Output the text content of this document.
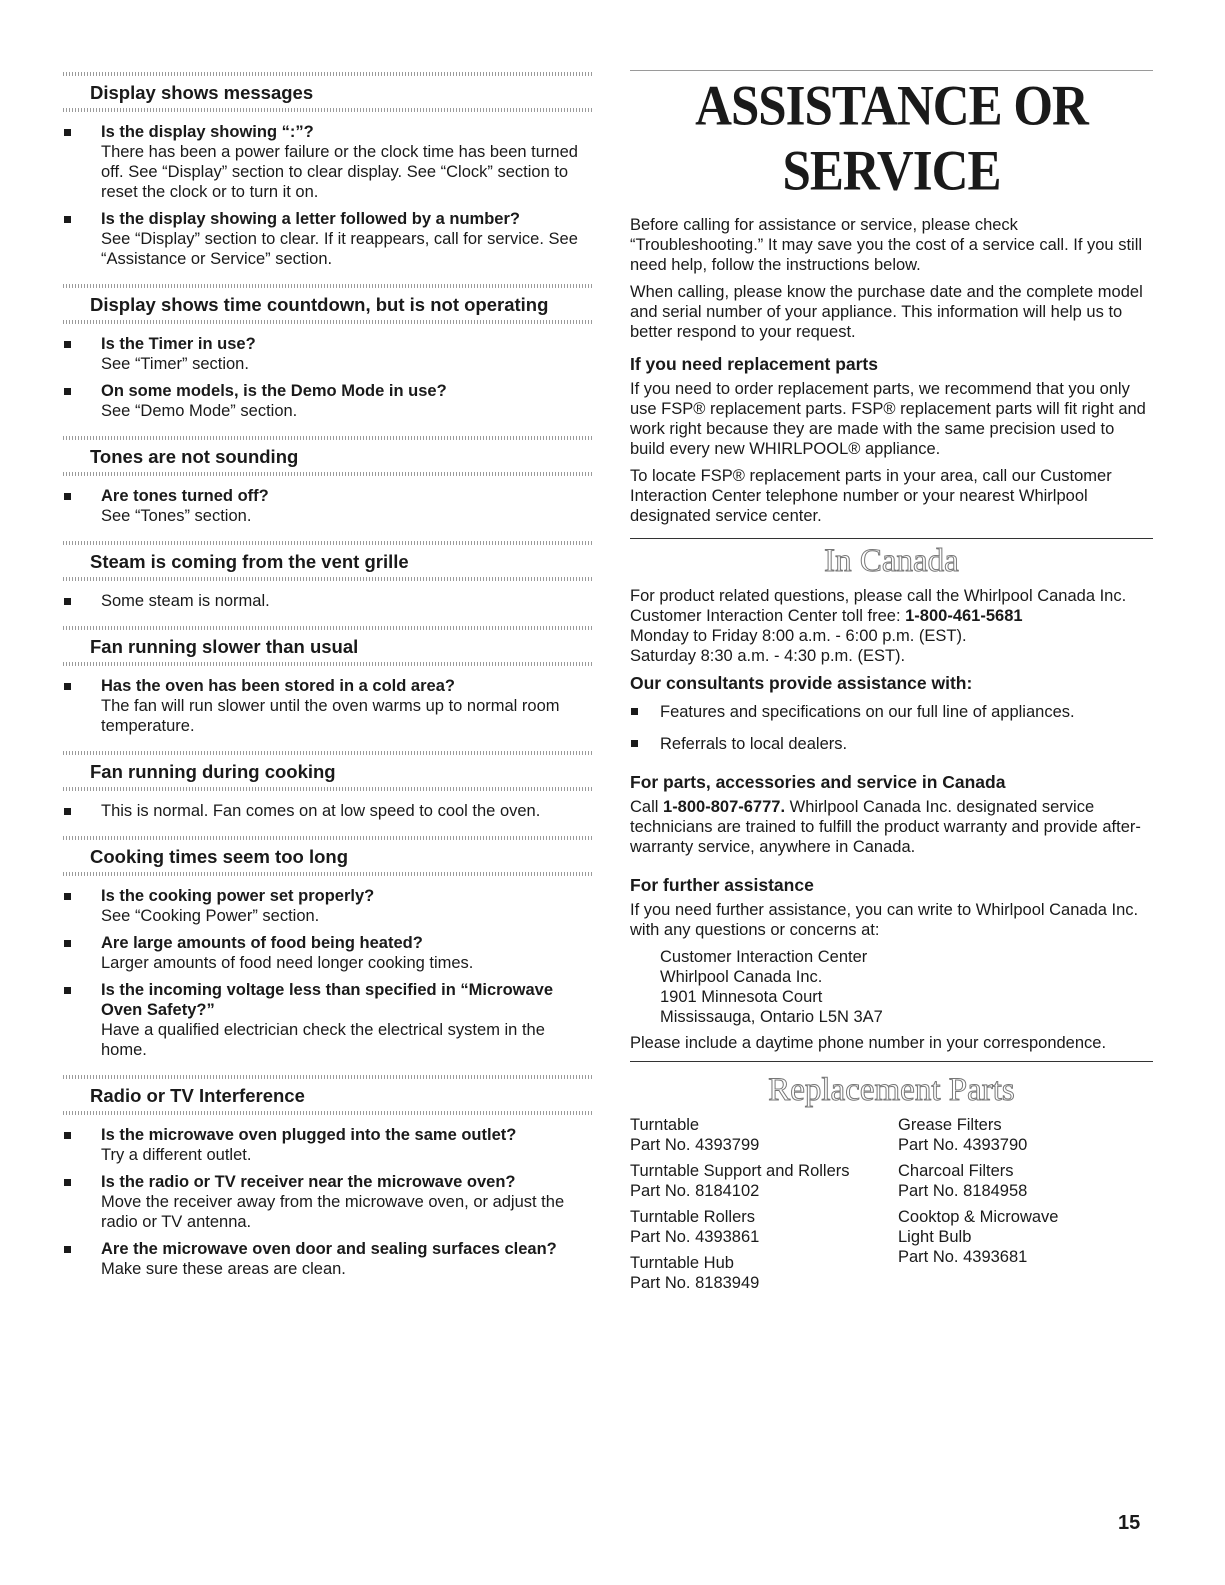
Display shows messages
Is the display showing “:”?
There has been a power failure or the clock time has been turned off. See “Display” section to clear display. See “Clock” section to reset the clock or to turn it on.
Is the display showing a letter followed by a number?
See “Display” section to clear. If it reappears, call for service. See “Assistance or Service” section.
Display shows time countdown, but is not operating
Is the Timer in use?
See “Timer” section.
On some models, is the Demo Mode in use?
See “Demo Mode” section.
Tones are not sounding
Are tones turned off?
See “Tones” section.
Steam is coming from the vent grille
Some steam is normal.
Fan running slower than usual
Has the oven has been stored in a cold area?
The fan will run slower until the oven warms up to normal room temperature.
Fan running during cooking
This is normal. Fan comes on at low speed to cool the oven.
Cooking times seem too long
Is the cooking power set properly?
See “Cooking Power” section.
Are large amounts of food being heated?
Larger amounts of food need longer cooking times.
Is the incoming voltage less than specified in “Microwave Oven Safety?”
Have a qualified electrician check the electrical system in the home.
Radio or TV Interference
Is the microwave oven plugged into the same outlet?
Try a different outlet.
Is the radio or TV receiver near the microwave oven?
Move the receiver away from the microwave oven, or adjust the radio or TV antenna.
Are the microwave oven door and sealing surfaces clean?
Make sure these areas are clean.
ASSISTANCE OR SERVICE

Before calling for assistance or service, please check “Troubleshooting.” It may save you the cost of a service call. If you still need help, follow the instructions below.

When calling, please know the purchase date and the complete model and serial number of your appliance. This information will help us to better respond to your request.

If you need replacement parts

If you need to order replacement parts, we recommend that you only use FSP® replacement parts. FSP® replacement parts will fit right and work right because they are made with the same precision used to build every new WHIRLPOOL® appliance.

To locate FSP® replacement parts in your area, call our Customer Interaction Center telephone number or your nearest Whirlpool designated service center.

In Canada

For product related questions, please call the Whirlpool Canada Inc. Customer Interaction Center toll free: 1-800-461-5681

Monday to Friday 8:00 a.m. - 6:00 p.m. (EST).
Saturday 8:30 a.m. - 4:30 p.m. (EST).
Our consultants provide assistance with:
Features and specifications on our full line of appliances.
Referrals to local dealers.
For parts, accessories and service in Canada

Call 1-800-807-6777. Whirlpool Canada Inc. designated service technicians are trained to fulfill the product warranty and provide after-warranty service, anywhere in Canada.

For further assistance

If you need further assistance, you can write to Whirlpool Canada Inc. with any questions or concerns at:

Customer Interaction Center
Whirlpool Canada Inc.
1901 Minnesota Court
Mississauga, Ontario L5N 3A7

Please include a daytime phone number in your correspondence.

Replacement Parts
Turntable
Part No. 4393799
Turntable Support and Rollers
Part No. 8184102
Turntable Rollers
Part No. 4393861
Turntable Hub
Part No. 8183949
Grease Filters
Part No. 4393790
Charcoal Filters
Part No. 8184958
Cooktop & Microwave
Light Bulb
Part No. 4393681
15
